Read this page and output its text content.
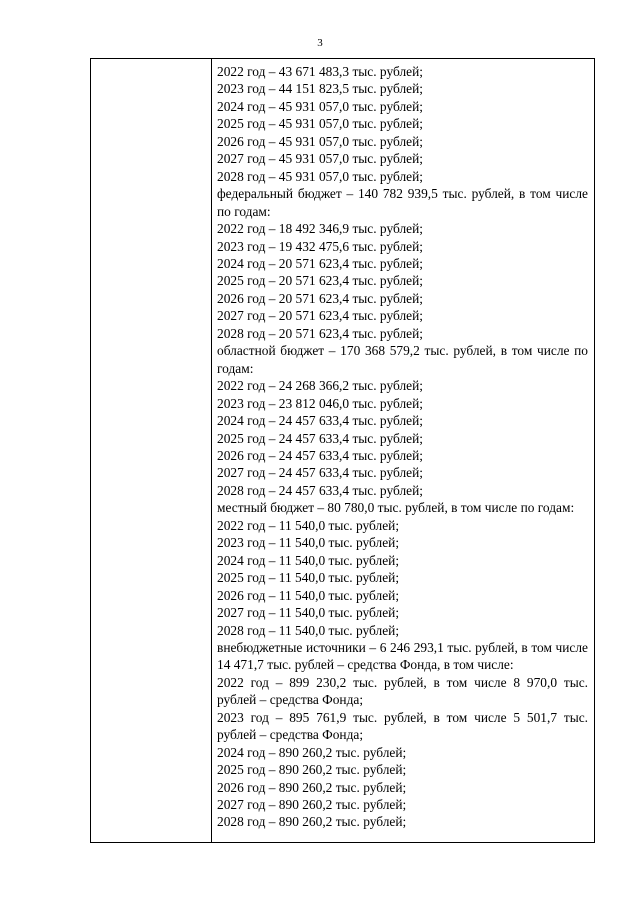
3
2022 год – 43 671 483,3 тыс. рублей;
2023 год – 44 151 823,5 тыс. рублей;
2024 год – 45 931 057,0 тыс. рублей;
2025 год – 45 931 057,0 тыс. рублей;
2026 год – 45 931 057,0 тыс. рублей;
2027 год – 45 931 057,0 тыс. рублей;
2028 год – 45 931 057,0 тыс. рублей;
федеральный бюджет – 140 782 939,5 тыс. рублей, в том числе по годам:
2022 год – 18 492 346,9 тыс. рублей;
2023 год – 19 432 475,6 тыс. рублей;
2024 год – 20 571 623,4 тыс. рублей;
2025 год – 20 571 623,4 тыс. рублей;
2026 год – 20 571 623,4 тыс. рублей;
2027 год – 20 571 623,4 тыс. рублей;
2028 год – 20 571 623,4 тыс. рублей;
областной бюджет – 170 368 579,2 тыс. рублей, в том числе по годам:
2022 год – 24 268 366,2 тыс. рублей;
2023 год – 23 812 046,0 тыс. рублей;
2024 год – 24 457 633,4 тыс. рублей;
2025 год – 24 457 633,4 тыс. рублей;
2026 год – 24 457 633,4 тыс. рублей;
2027 год – 24 457 633,4 тыс. рублей;
2028 год – 24 457 633,4 тыс. рублей;
местный бюджет – 80 780,0 тыс. рублей, в том числе по годам:
2022 год – 11 540,0 тыс. рублей;
2023 год – 11 540,0 тыс. рублей;
2024 год – 11 540,0 тыс. рублей;
2025 год – 11 540,0 тыс. рублей;
2026 год – 11 540,0 тыс. рублей;
2027 год – 11 540,0 тыс. рублей;
2028 год – 11 540,0 тыс. рублей;
внебюджетные источники – 6 246 293,1 тыс. рублей, в том числе 14 471,7 тыс. рублей – средства Фонда, в том числе:
2022 год – 899 230,2 тыс. рублей, в том числе 8 970,0 тыс. рублей – средства Фонда;
2023 год – 895 761,9 тыс. рублей, в том числе 5 501,7 тыс. рублей – средства Фонда;
2024 год – 890 260,2 тыс. рублей;
2025 год – 890 260,2 тыс. рублей;
2026 год – 890 260,2 тыс. рублей;
2027 год – 890 260,2 тыс. рублей;
2028 год – 890 260,2 тыс. рублей;
